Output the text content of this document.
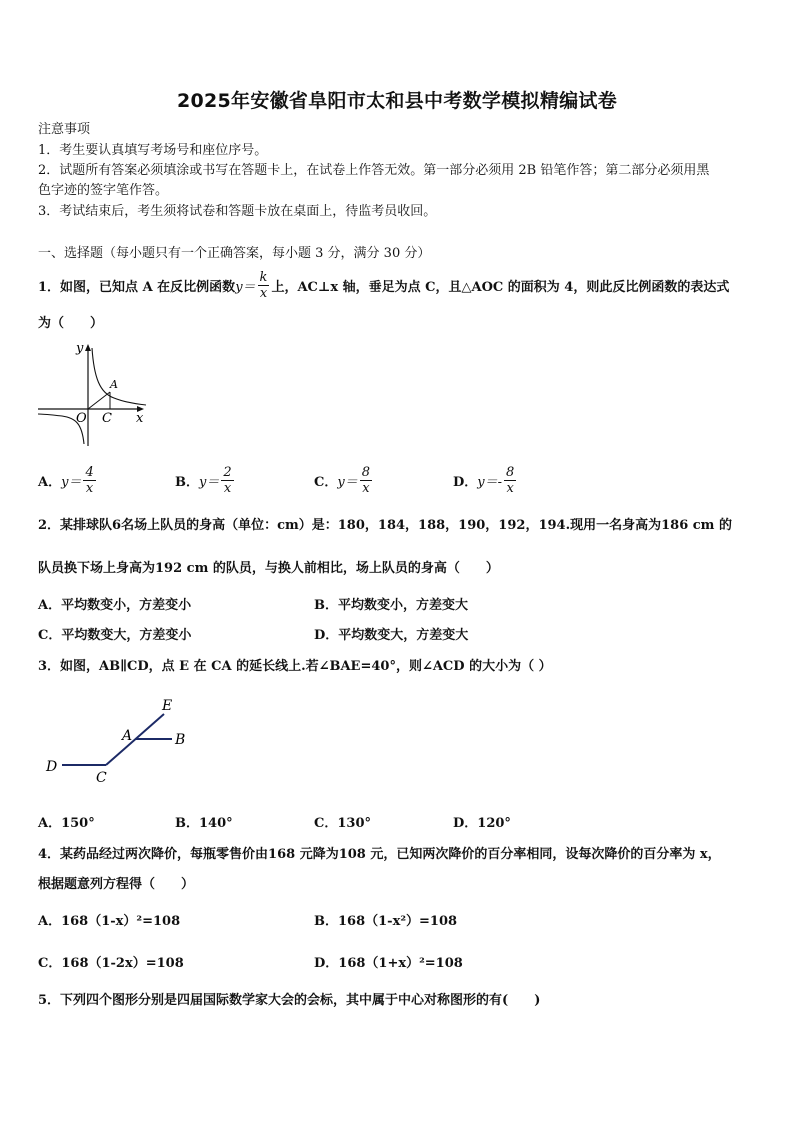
2025年安徽省阜阳市太和县中考数学模拟精编试卷
注意事项
1．考生要认真填写考场号和座位序号。
2．试题所有答案必须填涂或书写在答题卡上，在试卷上作答无效。第一部分必须用 2B 铅笔作答；第二部分必须用黑
色字迹的签字笔作答。
3．考试结束后，考生须将试卷和答题卡放在桌面上，待监考员收回。
一、选择题（每小题只有一个正确答案，每小题 3 分，满分 30 分）
1．如图，已知点 A 在反比例函数 $y= \frac{k}{x}$ 上，AC⊥x 轴，垂足为点 C，且△AOC 的面积为 4，则此反比例函数的表达式
为（　　）
y
x
O C
A
A． $y= \frac{4}{x}$	B． $y= \frac{2}{x}$	C． $y= \frac{8}{x}$	D． $y=- \frac{8}{x}$
2．某排球队6名场上队员的身高（单位：cm）是：180，184，188，190，192，194.现用一名身高为186 cm 的
队员换下场上身高为192 cm 的队员，与换人前相比，场上队员的身高（　　）
A．平均数变小，方差变小	B．平均数变小，方差变大
C．平均数变大，方差变小	D．平均数变大，方差变大
3．如图，AB∥CD，点 E 在 CA 的延长线上.若∠BAE=40°，则∠ACD 的大小为（ ）
E
A	B
D
C
A．150°	B．140°	C．130°	D．120°
4．某药品经过两次降价，每瓶零售价由168 元降为108 元，已知两次降价的百分率相同，设每次降价的百分率为 x，
根据题意列方程得（　　）
A．168（1-x）²=108	B．168（1-x²）=108
C．168（1-2x）=108	D．168（1+x）²=108
5．下列四个图形分别是四届国际数学家大会的会标，其中属于中心对称图形的有(　　)
